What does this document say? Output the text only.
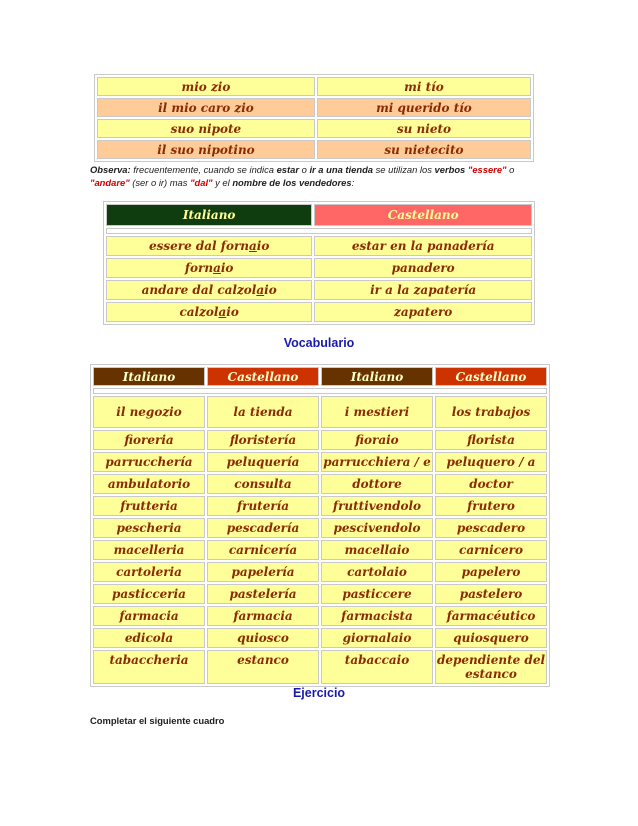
mio zio	mi tío
il mio caro zio	mi querido tío
suo nipote	su nieto
il suo nipotino	su nietecito
Observa: frecuentemente, cuando se indica estar o ir a una tienda se utilizan los verbos "essere" o "andare" (ser o ir) mas "dal" y el nombre de los vendedores:
Italiano	Castellano

essere dal fornaio	estar en la panadería
fornaio	panadero
andare dal calzolaio	ir a la zapatería
calzolaio	zapatero
Vocabulario
Italiano	Castellano	Italiano	Castellano

il negozio	la tienda	i mestieri	los trabajos
fioreria	floristería	fioraio	florista
parrucchería	peluquería	parrucchiera / e	peluquero / a
ambulatorio	consulta	dottore	doctor
frutteria	frutería	fruttivendolo	frutero
pescheria	pescadería	pescivendolo	pescadero
macelleria	carnicería	macellaio	carnicero
cartoleria	papelería	cartolaio	papelero
pasticceria	pastelería	pasticcere	pastelero
farmacia	farmacia	farmacista	farmacéutico
edicola	quiosco	giornalaio	quiosquero
tabaccheria	estanco	tabaccaio	dependiente del estanco
Ejercicio
Completar el siguiente cuadro
